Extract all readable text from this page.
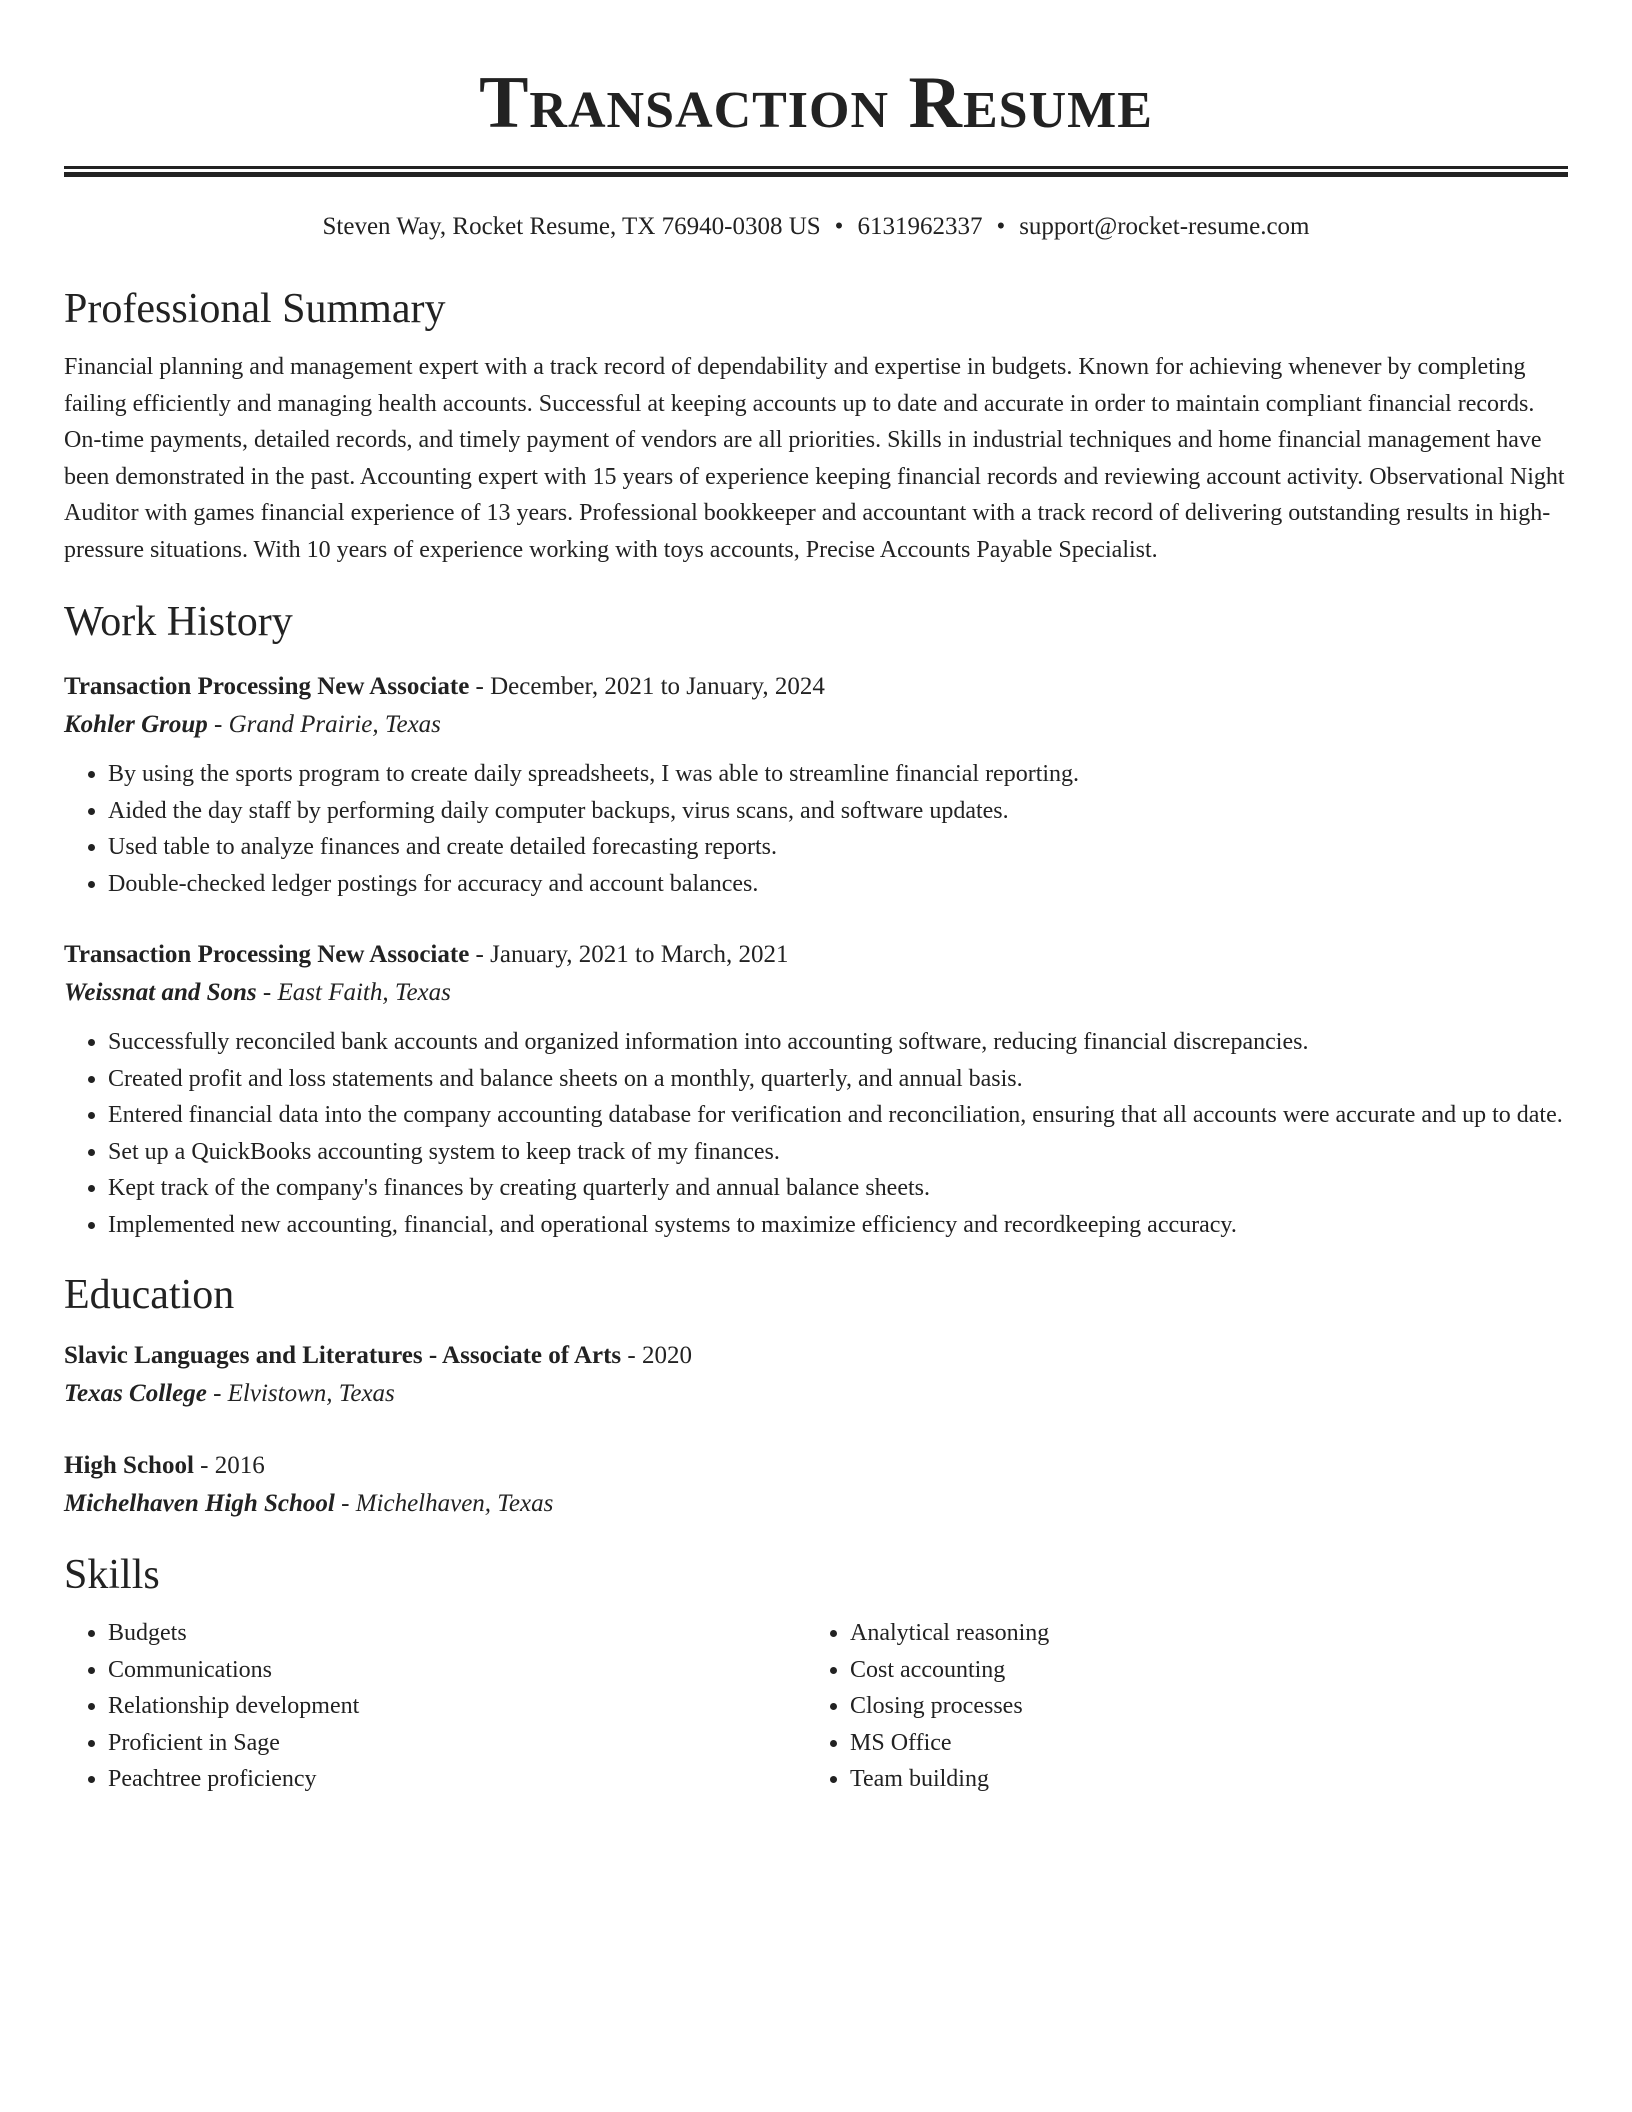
Transaction Resume
Steven Way, Rocket Resume, TX 76940-0308 US • 6131962337 • support@rocket-resume.com
Professional Summary

Financial planning and management expert with a track record of dependability and expertise in budgets. Known for achieving whenever by completing failing efficiently and managing health accounts. Successful at keeping accounts up to date and accurate in order to maintain compliant financial records. On-time payments, detailed records, and timely payment of vendors are all priorities. Skills in industrial techniques and home financial management have been demonstrated in the past. Accounting expert with 15 years of experience keeping financial records and reviewing account activity. Observational Night Auditor with games financial experience of 13 years. Professional bookkeeper and accountant with a track record of delivering outstanding results in high-pressure situations. With 10 years of experience working with toys accounts, Precise Accounts Payable Specialist.

Work History
Transaction Processing New Associate - December, 2021 to January, 2024
Kohler Group - Grand Prairie, Texas
• By using the sports program to create daily spreadsheets, I was able to streamline financial reporting.
• Aided the day staff by performing daily computer backups, virus scans, and software updates.
• Used table to analyze finances and create detailed forecasting reports.
• Double-checked ledger postings for accuracy and account balances.
Transaction Processing New Associate - January, 2021 to March, 2021
Weissnat and Sons - East Faith, Texas
• Successfully reconciled bank accounts and organized information into accounting software, reducing financial discrepancies.
• Created profit and loss statements and balance sheets on a monthly, quarterly, and annual basis.
• Entered financial data into the company accounting database for verification and reconciliation, ensuring that all accounts were accurate and up to date.
• Set up a QuickBooks accounting system to keep track of my finances.
• Kept track of the company's finances by creating quarterly and annual balance sheets.
• Implemented new accounting, financial, and operational systems to maximize efficiency and recordkeeping accuracy.
Education
Slavic Languages and Literatures - Associate of Arts - 2020
Texas College - Elvistown, Texas
High School - 2016
Michelhaven High School - Michelhaven, Texas
Skills
• Budgets
• Communications
• Relationship development
• Proficient in Sage
• Peachtree proficiency
• Analytical reasoning
• Cost accounting
• Closing processes
• MS Office
• Team building
